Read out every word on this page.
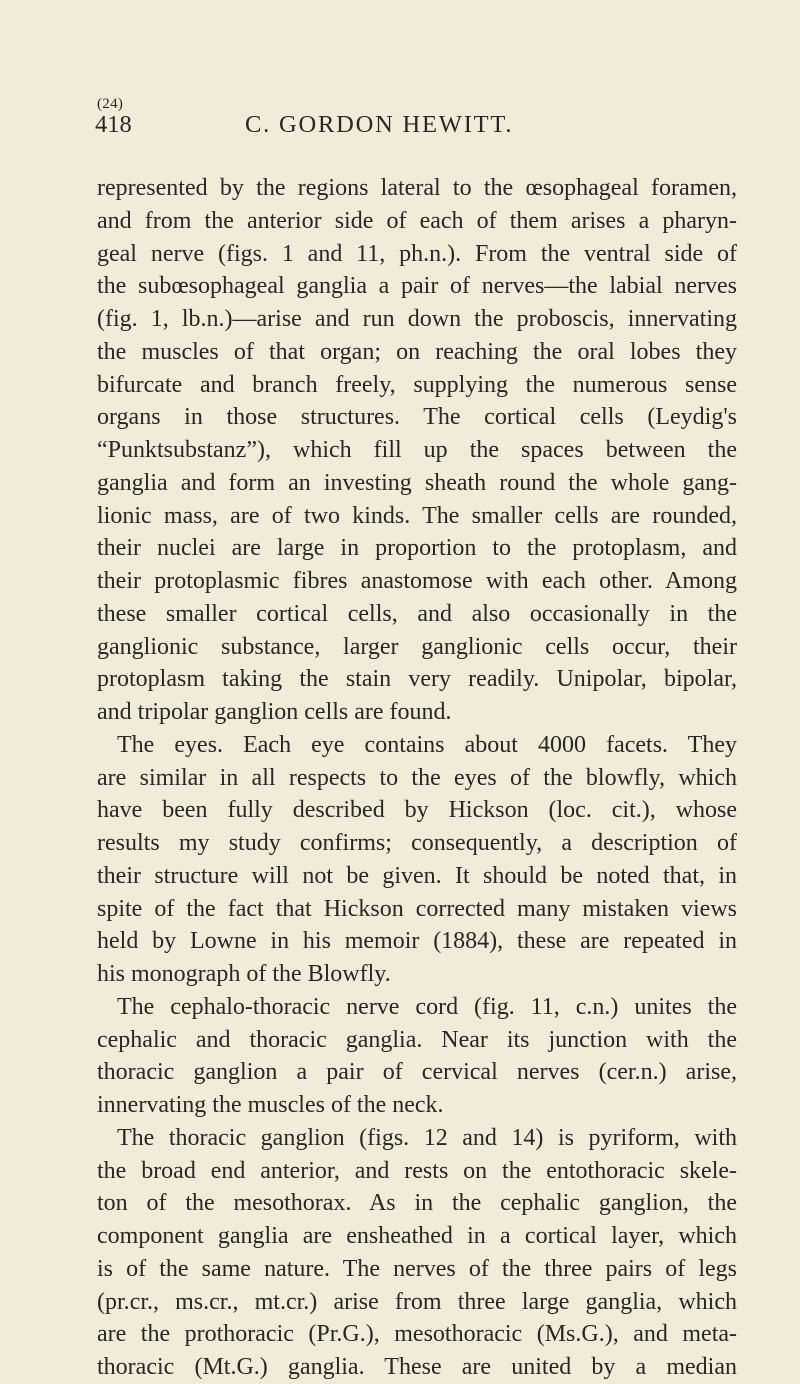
(24)
418	C. GORDON HEWITT.
represented by the regions lateral to the œsophageal foramen,
and from the anterior side of each of them arises a pharyn-
geal nerve (figs. 1 and 11, ph.n.). From the ventral side of
the subœsophageal ganglia a pair of nerves—the labial nerves
(fig. 1, lb.n.)—arise and run down the proboscis, innervating
the muscles of that organ; on reaching the oral lobes they
bifurcate and branch freely, supplying the numerous sense
organs in those structures. The cortical cells (Leydig's
“Punktsubstanz”), which fill up the spaces between the
ganglia and form an investing sheath round the whole gang-
lionic mass, are of two kinds. The smaller cells are rounded,
their nuclei are large in proportion to the protoplasm, and
their protoplasmic fibres anastomose with each other. Among
these smaller cortical cells, and also occasionally in the
ganglionic substance, larger ganglionic cells occur, their
protoplasm taking the stain very readily. Unipolar, bipolar,
and tripolar ganglion cells are found.
The eyes. Each eye contains about 4000 facets. They
are similar in all respects to the eyes of the blowfly, which
have been fully described by Hickson (loc. cit.), whose
results my study confirms; consequently, a description of
their structure will not be given. It should be noted that, in
spite of the fact that Hickson corrected many mistaken views
held by Lowne in his memoir (1884), these are repeated in
his monograph of the Blowfly.
The cephalo-thoracic nerve cord (fig. 11, c.n.) unites the
cephalic and thoracic ganglia. Near its junction with the
thoracic ganglion a pair of cervical nerves (cer.n.) arise,
innervating the muscles of the neck.
The thoracic ganglion (figs. 12 and 14) is pyriform, with
the broad end anterior, and rests on the entothoracic skele-
ton of the mesothorax. As in the cephalic ganglion, the
component ganglia are ensheathed in a cortical layer, which
is of the same nature. The nerves of the three pairs of legs
(pr.cr., ms.cr., mt.cr.) arise from three large ganglia, which
are the prothoracic (Pr.G.), mesothoracic (Ms.G.), and meta-
thoracic (Mt.G.) ganglia. These are united by a median
